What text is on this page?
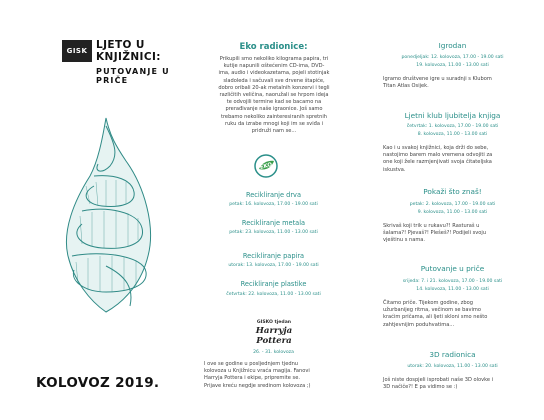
GISK LJETO U
KNJIŽNICI:
PUTOVANJE U PRIČE
KOLOVOZ 2019.
Eko radionice:
Prikupili smo nekoliko kilograma papira, tri
kutije napunili oštećenim CD-ima, DVD-
ima, audio i videokazetama, pojeli stotinjak
sladoleda i sačuvali sve drvene štapiće,
dobro oribali 20-ak metalnih konzervi i tegli
različitih veličina, naoružali se hrpom ideja
te odvojili termine kad se bacamo na
prerađivanje naše igraonice. Još samo
trebamo nekoliko zainteresiranih spretnih
ruku da izrabe mnogi koji im se sviđa i
pridruži nam se...
EKO
Recikliranje drva
petak: 16. kolovoza, 17.00 - 19.00 sati
Recikliranje metala
petak: 23. kolovoza, 11.00 - 13.00 sati
Recikliranje papira
utorak: 13. kolovoza, 17.00 - 19.00 sati
Recikliranje plastike
četvrtak: 22. kolovoza, 11.00 - 13.00 sati
GISKO tjedan
Harryja Pottera
26. - 31. kolovoza
I ove se godine u posljednjem tjednu
kolovoza u Knjižnicu vraća magija. Fanovi
Harryja Pottera i ekipe, pripremite se.
Prijave kreću negdje sredinom kolovoza ;)
Igrodan
ponedjeljak: 12. kolovoza, 17.00 - 19.00 sati
19. kolovoza, 11.00 - 13.00 sati
Igramo društvene igre u suradnji s Klubom
Titan Atlas Osijek.
Ljetni klub ljubitelja knjiga
četvrtak: 1. kolovoza, 17.00 - 19.00 sati
8. kolovoza, 11.00 - 13.00 sati
Kao i u svakoj knjižnici, koja drži do sebe,
nastojimo barem malo vremena odvojiti za
one koji žele razmjenjivati svoja čitateljska
iskustva.
Pokaži što znaš!
petak: 2. kolovoza, 17.00 - 19.00 sati
9. kolovoza, 11.00 - 13.00 sati
Skrivaš koji trik u rukavu?! Rasturaš u
šalama?! Pjevaš?! Plešeš?! Podijeli svoju
vještinu s nama.
Putovanje u priče
srijeda: 7. i 21. kolovoza, 17.00 - 19.00 sati
14. kolovoza, 11.00 - 13.00 sati
Čitamo priče. Tijekom godine, zbog
užurbanijeg ritma, večinom se bavimo
kraćim pričama, ali ljeti skloni smo nešto
zahtjevnijim poduhvatima...
3D radionica
utorak: 20. kolovoza, 11.00 - 13.00 sati
Još niste dospjeli isprobati naše 3D olovke i
3D načiče?! E pa vidimo se :)
